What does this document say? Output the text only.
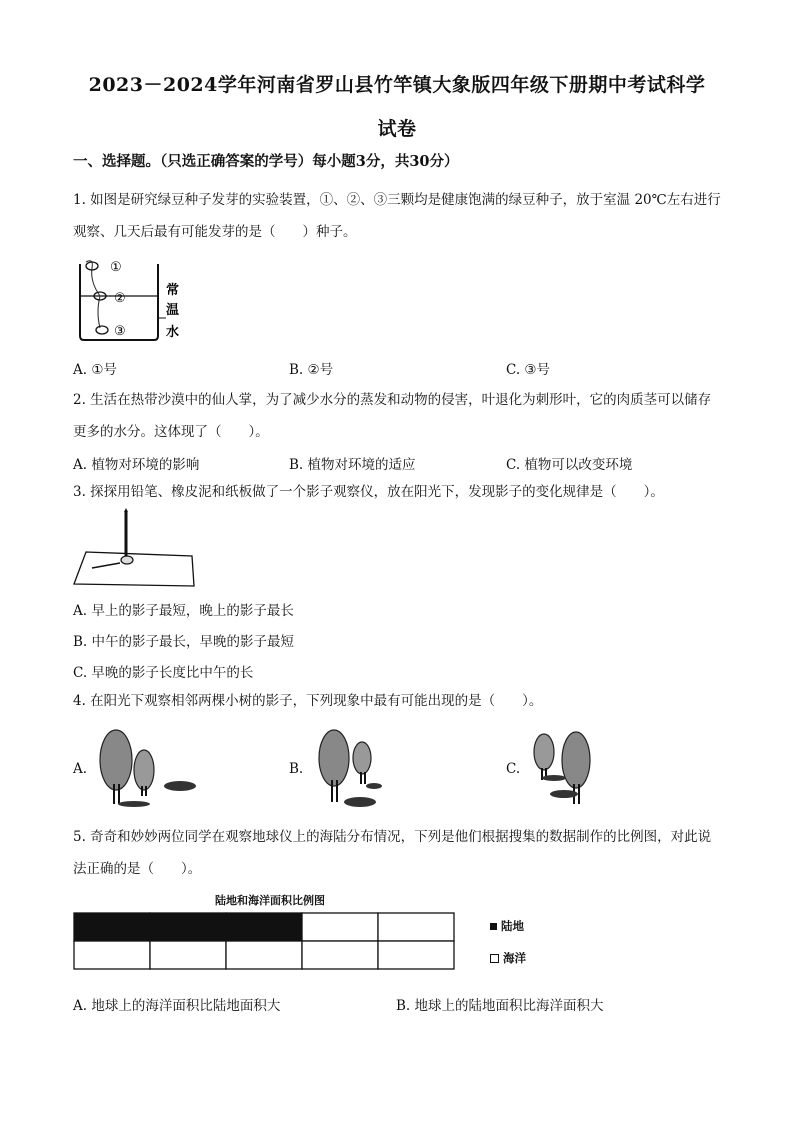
2023－2024学年河南省罗山县竹竿镇大象版四年级下册期中考试科学
试卷
一、选择题。（只选正确答案的学号）每小题3分，共30分）
1. 如图是研究绿豆种子发芽的实验装置，①、②、③三颗均是健康饱满的绿豆种子，放于室温 20℃左右进行观察、几天后最有可能发芽的是（　　）种子。
①
②
③
常
温
水
A. ①号	B. ②号	C. ③号
2. 生活在热带沙漠中的仙人掌，为了减少水分的蒸发和动物的侵害，叶退化为刺形叶，它的肉质茎可以储存更多的水分。这体现了（　　）。
A. 植物对环境的影响	B. 植物对环境的适应	C. 植物可以改变环境
3. 探探用铅笔、橡皮泥和纸板做了一个影子观察仪，放在阳光下，发现影子的变化规律是（　　）。
A. 早上的影子最短，晚上的影子最长
B. 中午的影子最长，早晚的影子最短
C. 早晚的影子长度比中午的长
4. 在阳光下观察相邻两棵小树的影子，下列现象中最有可能出现的是（　　）。
A.	B.	C.
5. 奇奇和妙妙两位同学在观察地球仪上的海陆分布情况，下列是他们根据搜集的数据制作的比例图，对此说法正确的是（　　）。
陆地和海洋面积比例图
陆地
海洋
A. 地球上的海洋面积比陆地面积大	B. 地球上的陆地面积比海洋面积大
